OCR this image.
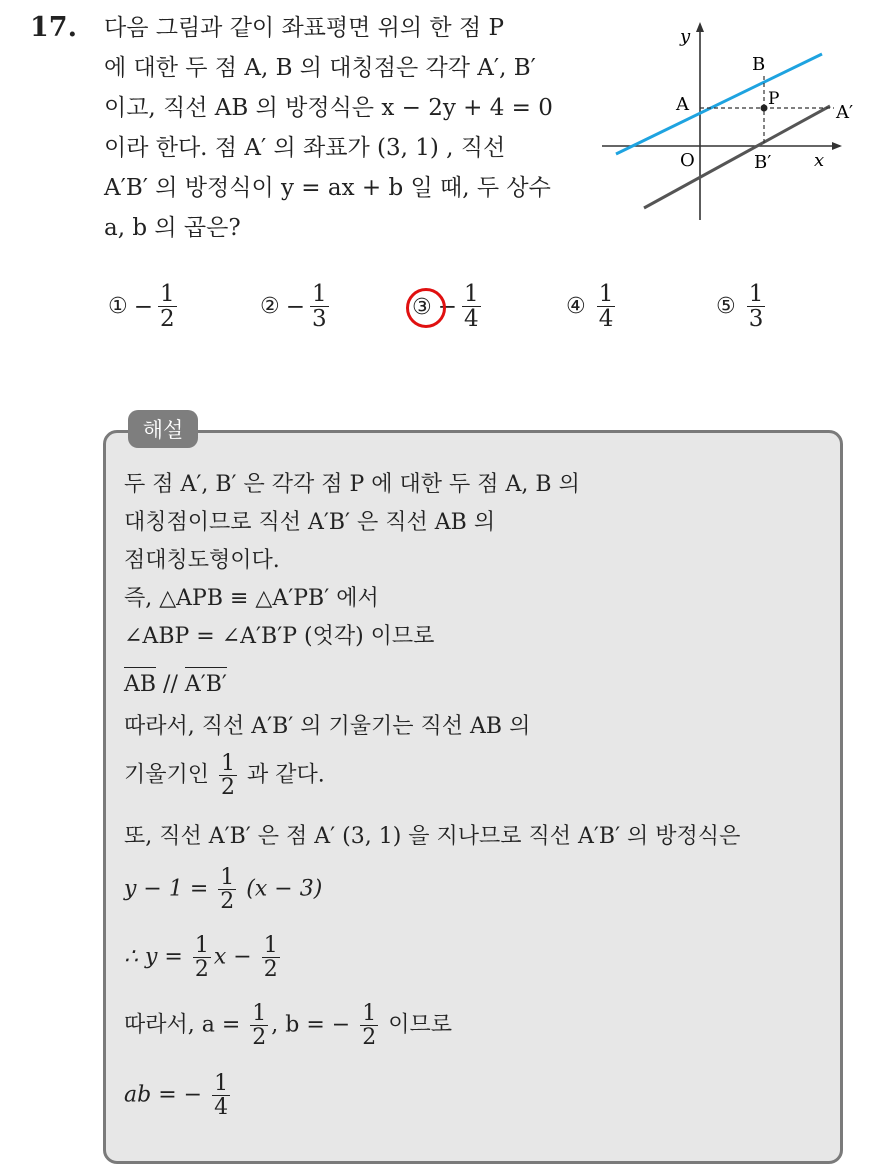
17. 다음 그림과 같이 좌표평면 위의 한 점 P
에 대한 두 점 A, B 의 대칭점은 각각 A′, B′
이고, 직선 AB 의 방정식은 x − 2y + 4 = 0
이라 한다. 점 A′ 의 좌표가 (3, 1) , 직선
A′B′ 의 방정식이 y = ax + b 일 때, 두 상수
a, b 의 곱은?
y
x
O
A
B
P
A′
B′
① − $\frac{1}{2}$	② − $\frac{1}{3}$	③ − $\frac{1}{4}$	④ $\frac{1}{4}$	⑤ $\frac{1}{3}$
해설
두 점 A′, B′ 은 각각 점 P 에 대한 두 점 A, B 의
대칭점이므로 직선 A′B′ 은 직선 AB 의
점대칭도형이다.
즉, △APB ≡ △A′PB′ 에서
∠ABP = ∠A′B′P (엇각) 이므로
AB // A′B′
따라서, 직선 A′B′ 의 기울기는 직선 AB 의
기울기인 $\frac{1}{2}$ 과 같다.
또, 직선 A′B′ 은 점 A′ (3, 1) 을 지나므로 직선 A′B′ 의 방정식은
$y - 1 = \frac{1}{2} (x - 3)$
∴ $y = \frac{1}{2}$ $x - \frac{1}{2}$
따라서, $a = \frac{1}{2}$ , b = − $\frac{1}{2}$ 이므로
ab = − $\frac{1}{4}$
